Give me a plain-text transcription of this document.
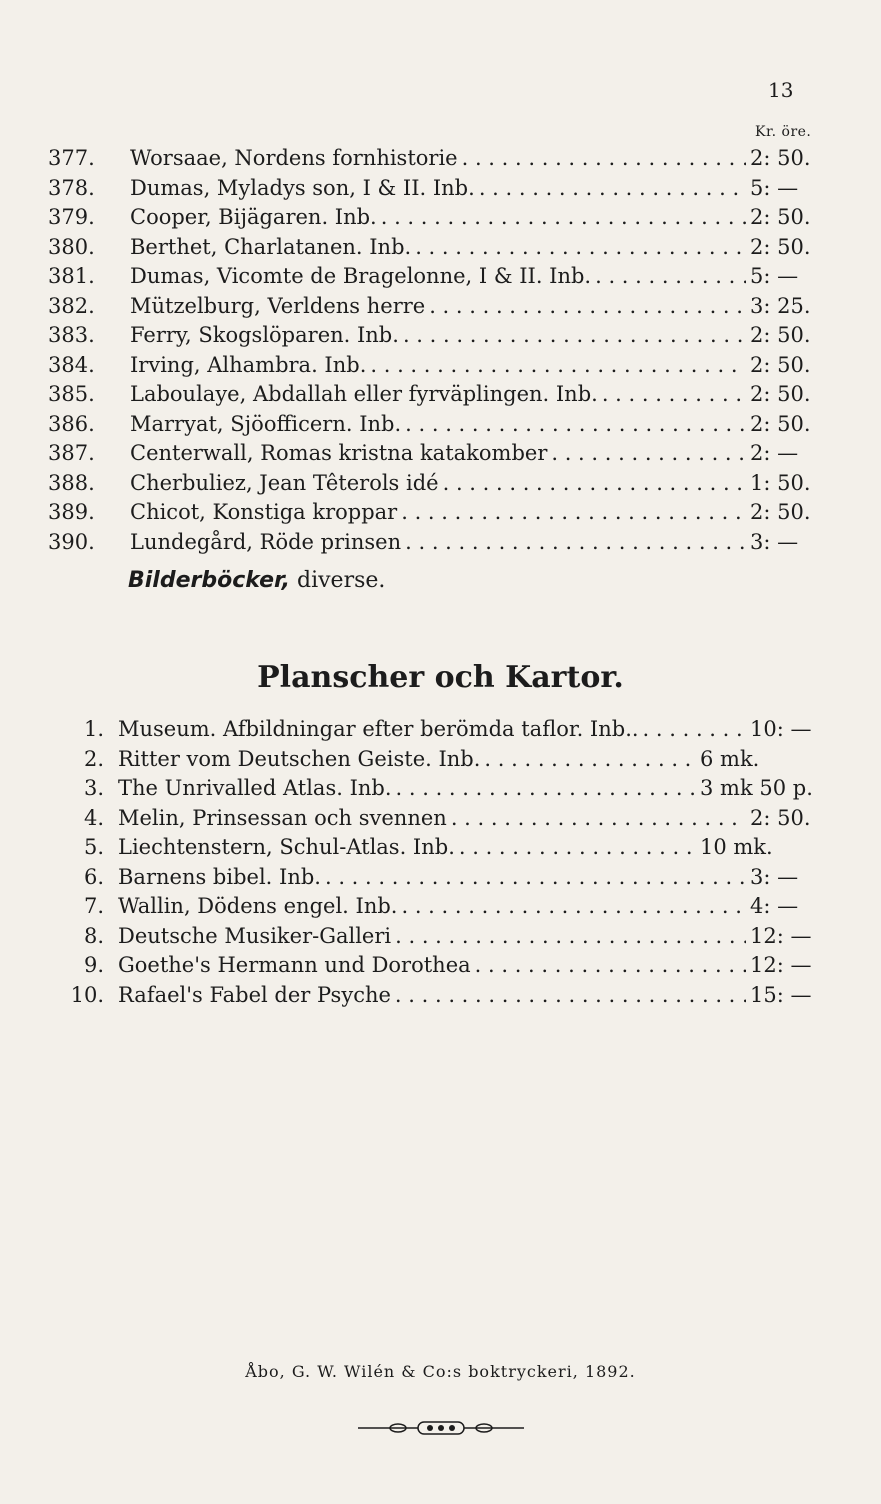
13
Kr. öre.
377.	Worsaae, Nordens fornhistorie . . .	2: 50.
378.	Dumas, Myladys son, I & II. Inb. . . .	5: —
379.	Cooper, Bijägaren. Inb. . . .	2: 50.
380.	Berthet, Charlatanen. Inb. . . .	2: 50.
381.	Dumas, Vicomte de Bragelonne, I & II. Inb. . . .	5: —
382.	Mützelburg, Verldens herre . . .	3: 25.
383.	Ferry, Skogslöparen. Inb. . . .	2: 50.
384.	Irving, Alhambra. Inb. . . .	2: 50.
385.	Laboulaye, Abdallah eller fyrväplingen. Inb. . . .	2: 50.
386.	Marryat, Sjöofficern. Inb. . . .	2: 50.
387.	Centerwall, Romas kristna katakomber . . .	2: —
388.	Cherbuliez, Jean Têterols idé . . .	1: 50.
389.	Chicot, Konstiga kroppar . . .	2: 50.
390.	Lundegård, Röde prinsen . . .	3: —
Bilderböcker, diverse.
Planscher och Kartor.
1. Museum. Afbildningar efter berömda taflor. Inb.. . . .	10: —
2. Ritter vom Deutschen Geiste. Inb. . . .	6 mk.
3. The Unrivalled Atlas. Inb. . . .	3 mk 50 p.
4. Melin, Prinsessan och svennen . . .	2: 50.
5. Liechtenstern, Schul-Atlas. Inb. . . .	10 mk.
6. Barnens bibel. Inb. . . .	3: —
7. Wallin, Dödens engel. Inb. . . .	4: —
8. Deutsche Musiker-Galleri . . .	12: —
9. Goethe's Hermann und Dorothea . . .	12: —
10. Rafael's Fabel der Psyche . . .	15: —
Åbo, G. W. Wilén & Co:s boktryckeri, 1892.
